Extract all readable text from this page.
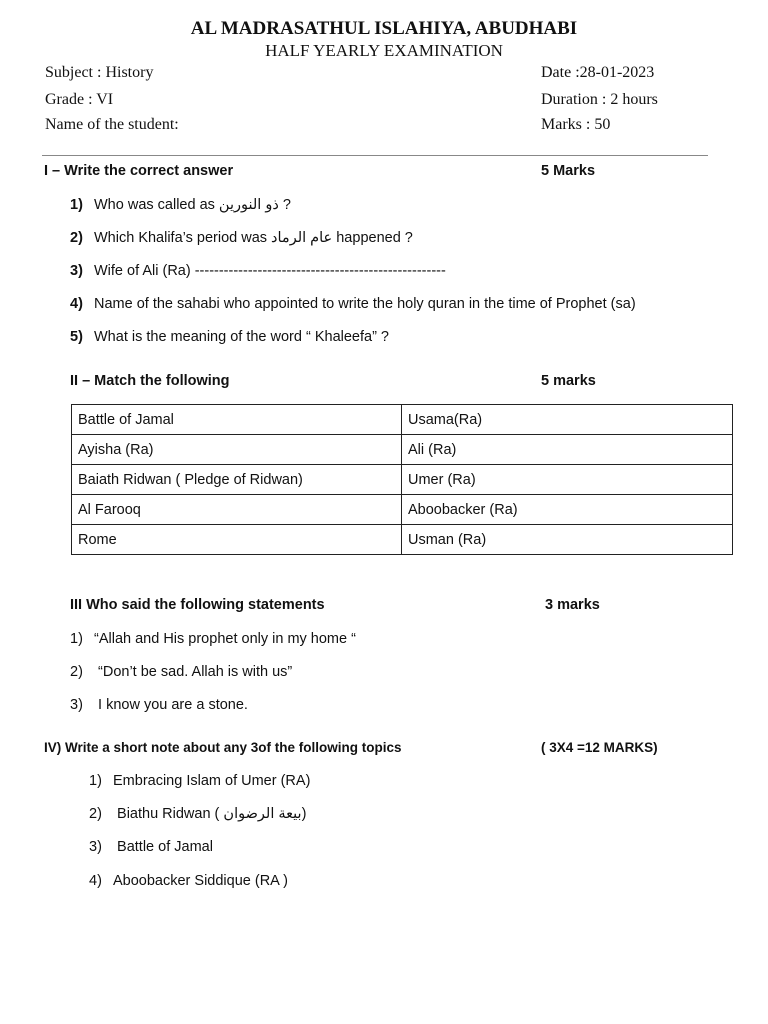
AL MADRASATHUL ISLAHIYA, ABUDHABI
HALF YEARLY EXAMINATION
Subject : History
Grade : VI
Name of the student:
Date :28-01-2023
Duration : 2 hours
Marks : 50
I – Write the correct answer	5 Marks
1) Who was called as ذو النورين ?
2) Which Khalifa’s period was عام الرماد happened ?
3) Wife of Ali (Ra) ----------------------------------------------------
4) Name of the sahabi who appointed to write the holy quran in the time of Prophet (sa)
5) What is the meaning of the word “ Khaleefa” ?
II – Match the following	5 marks
Battle of Jamal	Usama(Ra)
Ayisha (Ra)	Ali (Ra)
Baiath Ridwan ( Pledge of Ridwan)	Umer (Ra)
Al Farooq	Aboobacker (Ra)
Rome	Usman (Ra)
III Who said the following statements	3 marks
1) “Allah and His prophet only in my home “
2) “Don’t be sad. Allah is with us”
3) I know you are a stone.
IV) Write a short note about any 3of the following topics	( 3X4 =12 MARKS)
1) Embracing Islam of Umer (RA)
2) Biathu Ridwan ( بيعة الرضوان)
3) Battle of Jamal
4) Aboobacker Siddique (RA )
